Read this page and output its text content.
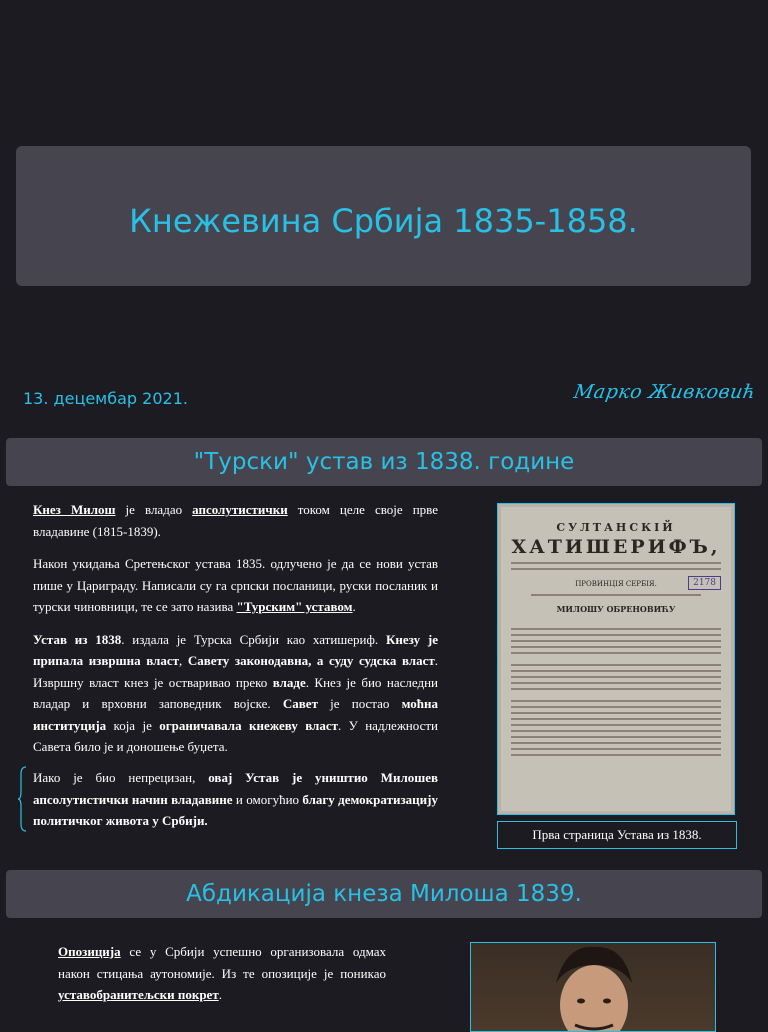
Кнежевина Србија 1835-1858.
13. децембар 2021.	Марко Живковић
"Турски" устав из 1838. године

Кнез Милош је владао апсолутистички током целе своје прве владавине (1815-1839).

Након укидања Сретењског устава 1835. одлучено је да се нови устав пише у Цариграду. Написали су га српски посланици, руски посланик и турски чиновници, те се зато назива "Турским" уставом.

Устав из 1838. издала је Турска Србији као хатишериф. Кнезу је припала извршна власт, Савету законодавна, а суду судска власт. Извршну власт кнез је остваривао преко владе. Кнез је био наследни владар и врховни заповедник војске. Савет је постао моћна институција која је ограничавала кнежеву власт. У надлежности Савета било је и доношење буџета.

Иако је био непрецизан, овај Устав је уништио Милошев апсолутистички начин владавине и омогућио благу демократизацију политичког живота у Србији.

СУЛТАНСКІЙ
ХАТИШЕРИФЪ,
2178
ПРОВИНЦІЯ СЕРБІЯ.
МИЛОШУ ОБРЕНОВИЋУ
Прва страница Устава из 1838.
Абдикација кнеза Милоша 1839.

Опозиција се у Србији успешно организовала одмах након стицања аутономије. Из те опозиције је поникао уставобранитељски покрет.
